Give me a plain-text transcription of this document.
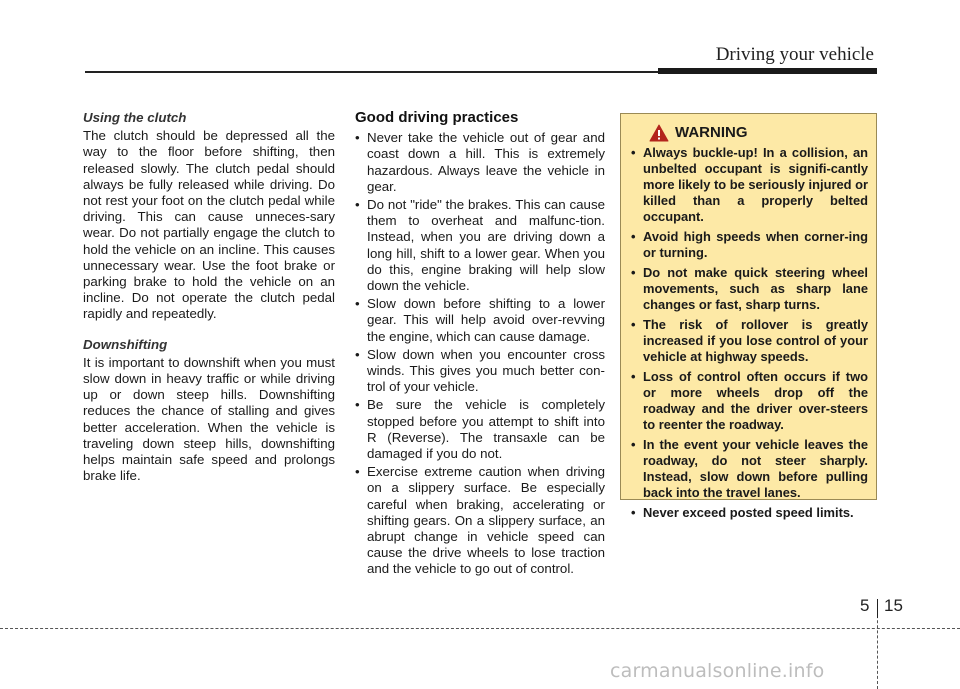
Driving your vehicle

Using the clutch

The clutch should be depressed all the way to the floor before shifting, then released slowly. The clutch pedal should always be fully released while driving. Do not rest your foot on the clutch pedal while driving. This can cause unneces-sary wear. Do not partially engage the clutch to hold the vehicle on an incline. This causes unnecessary wear. Use the foot brake or parking brake to hold the vehicle on an incline. Do not operate the clutch pedal rapidly and repeatedly.

Downshifting

It is important to downshift when you must slow down in heavy traffic or while driving up or down steep hills. Downshifting reduces the chance of stalling and gives better acceleration. When the vehicle is traveling down steep hills, downshifting helps maintain safe speed and prolongs brake life.

Good driving practices

• Never take the vehicle out of gear and coast down a hill. This is extremely hazardous. Always leave the vehicle in gear.
• Do not "ride" the brakes. This can cause them to overheat and malfunc-tion. Instead, when you are driving down a long hill, shift to a lower gear. When you do this, engine braking will help slow down the vehicle.
• Slow down before shifting to a lower gear. This will help avoid over-revving the engine, which can cause damage.
• Slow down when you encounter cross winds. This gives you much better con-trol of your vehicle.
• Be sure the vehicle is completely stopped before you attempt to shift into R (Reverse). The transaxle can be damaged if you do not.
• Exercise extreme caution when driving on a slippery surface. Be especially careful when braking, accelerating or shifting gears. On a slippery surface, an abrupt change in vehicle speed can cause the drive wheels to lose traction and the vehicle to go out of control.
WARNING
• Always buckle-up! In a collision, an unbelted occupant is signifi-cantly more likely to be seriously injured or killed than a properly belted occupant.
• Avoid high speeds when corner-ing or turning.
• Do not make quick steering wheel movements, such as sharp lane changes or fast, sharp turns.
• The risk of rollover is greatly increased if you lose control of your vehicle at highway speeds.
• Loss of control often occurs if two or more wheels drop off the roadway and the driver over-steers to reenter the roadway.
• In the event your vehicle leaves the roadway, do not steer sharply. Instead, slow down before pulling back into the travel lanes.
• Never exceed posted speed limits.
5 15
carmanualsonline.info
